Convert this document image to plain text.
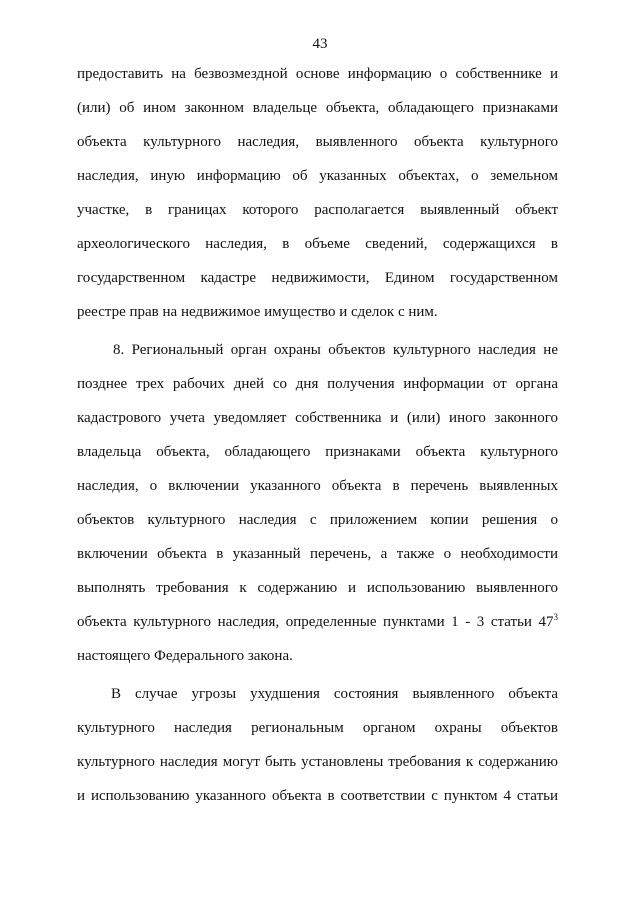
43
предоставить на безвозмездной основе информацию о собственнике и
(или) об ином законном владельце объекта, обладающего признаками
объекта культурного наследия, выявленного объекта культурного
наследия, иную информацию об указанных объектах, о земельном
участке, в границах которого располагается выявленный объект
археологического наследия, в объеме сведений, содержащихся в
государственном кадастре недвижимости, Едином государственном
реестре прав на недвижимое имущество и сделок с ним.
8. Региональный орган охраны объектов культурного наследия не
позднее трех рабочих дней со дня получения информации от органа
кадастрового учета уведомляет собственника и (или) иного законного
владельца объекта, обладающего признаками объекта культурного
наследия, о включении указанного объекта в перечень выявленных
объектов культурного наследия с приложением копии решения о
включении объекта в указанный перечень, а также о необходимости
выполнять требования к содержанию и использованию выявленного
объекта культурного наследия, определенные пунктами 1 - 3 статьи $47^3$
настоящего Федерального закона.
В случае угрозы ухудшения состояния выявленного объекта
культурного наследия региональным органом охраны объектов
культурного наследия могут быть установлены требования к содержанию
и использованию указанного объекта в соответствии с пунктом 4 статьи
